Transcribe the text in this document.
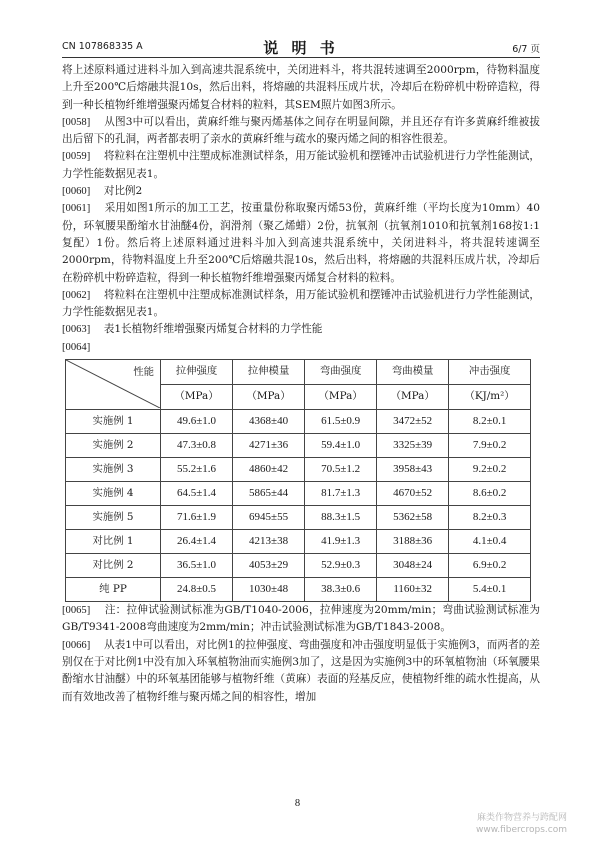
CN 107868335 A	说 明 书	6/7 页

将上述原料通过进料斗加入到高速共混系统中，关闭进料斗，将共混转速调至2000rpm，待物料温度上升至200℃后熔融共混10s，然后出料，将熔融的共混料压成片状，冷却后在粉碎机中粉碎造粒，得到一种长植物纤维增强聚丙烯复合材料的粒料，其SEM照片如图3所示。

[0058] 从图3中可以看出，黄麻纤维与聚丙烯基体之间存在明显间隙，并且还存有许多黄麻纤维被拔出后留下的孔洞，两者都表明了亲水的黄麻纤维与疏水的聚丙烯之间的相容性很差。

[0059] 将粒料在注塑机中注塑成标准测试样条，用万能试验机和摆锤冲击试验机进行力学性能测试，力学性能数据见表1。

[0060] 对比例2

[0061] 采用如图1所示的加工工艺，按重量份称取聚丙烯53份，黄麻纤维（平均长度为10mm）40份，环氧腰果酚缩水甘油醚4份，润滑剂（聚乙烯蜡）2份，抗氧剂（抗氧剂1010和抗氧剂168按1:1复配）1份。然后将上述原料通过进料斗加入到高速共混系统中，关闭进料斗，将共混转速调至2000rpm，待物料温度上升至200℃后熔融共混10s，然后出料，将熔融的共混料压成片状，冷却后在粉碎机中粉碎造粒，得到一种长植物纤维增强聚丙烯复合材料的粒料。

[0062] 将粒料在注塑机中注塑成标准测试样条，用万能试验机和摆锤冲击试验机进行力学性能测试，力学性能数据见表1。

[0063] 表1长植物纤维增强聚丙烯复合材料的力学性能

[0064]

性能	拉伸强度	拉伸模量	弯曲强度	弯曲模量	冲击强度
	（MPa）	（MPa）	（MPa）	（MPa）	（KJ/m²）
实施例 1	49.6±1.0	4368±40	61.5±0.9	3472±52	8.2±0.1
实施例 2	47.3±0.8	4271±36	59.4±1.0	3325±39	7.9±0.2
实施例 3	55.2±1.6	4860±42	70.5±1.2	3958±43	9.2±0.2
实施例 4	64.5±1.4	5865±44	81.7±1.3	4670±52	8.6±0.2
实施例 5	71.6±1.9	6945±55	88.3±1.5	5362±58	8.2±0.3
对比例 1	26.4±1.4	4213±38	41.9±1.3	3188±36	4.1±0.4
对比例 2	36.5±1.0	4053±29	52.9±0.3	3048±24	6.9±0.2
纯 PP	24.8±0.5	1030±48	38.3±0.6	1160±32	5.4±0.1

[0065] 注：拉伸试验测试标准为GB/T1040-2006，拉伸速度为20mm/min；弯曲试验测试标准为GB/T9341-2008弯曲速度为2mm/min；冲击试验测试标准为GB/T1843-2008。

[0066] 从表1中可以看出，对比例1的拉伸强度、弯曲强度和冲击强度明显低于实施例3，而两者的差别仅在于对比例1中没有加入环氧植物油而实施例3加了，这是因为实施例3中的环氧植物油（环氧腰果酚缩水甘油醚）中的环氧基团能够与植物纤维（黄麻）表面的羟基反应，使植物纤维的疏水性提高，从而有效地改善了植物纤维与聚丙烯之间的相容性，增加

8
麻类作物营养与跨配网
www.fibercrops.com
